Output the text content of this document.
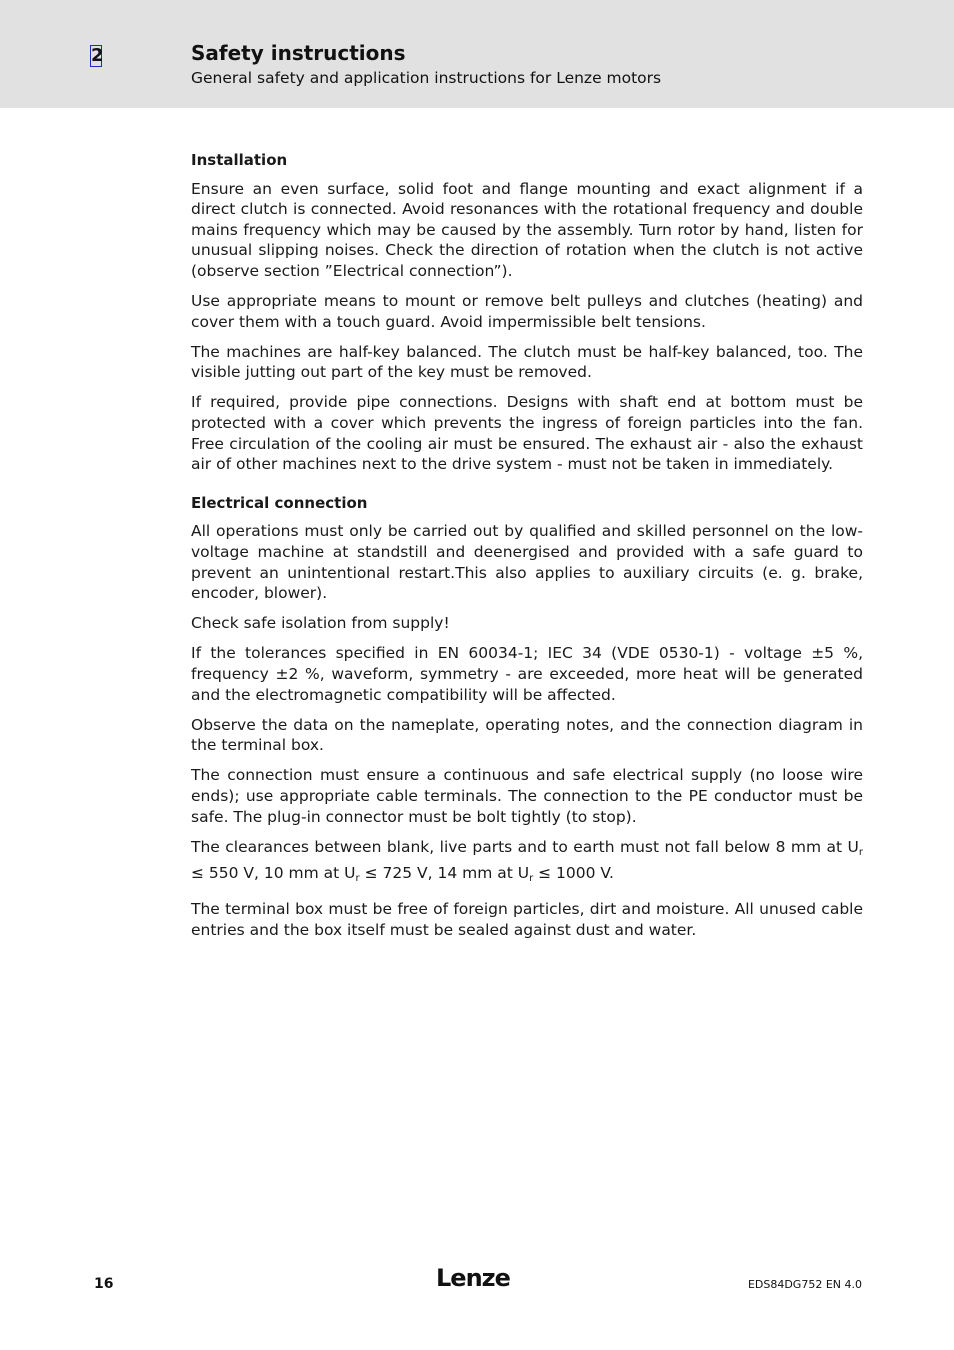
2	Safety instructions
General safety and application instructions for Lenze motors
Installation

Ensure an even surface, solid foot and flange mounting and exact alignment if a direct clutch is connected. Avoid resonances with the rotational frequency and double mains frequency which may be caused by the assembly. Turn rotor by hand, listen for unusual slipping noises. Check the direction of rotation when the clutch is not active (observe section ”Electrical connection”).

Use appropriate means to mount or remove belt pulleys and clutches (heating) and cover them with a touch guard. Avoid impermissible belt tensions.

The machines are half-key balanced. The clutch must be half-key balanced, too. The visible jutting out part of the key must be removed.

If required, provide pipe connections. Designs with shaft end at bottom must be protected with a cover which prevents the ingress of foreign particles into the fan. Free circulation of the cooling air must be ensured. The exhaust air - also the exhaust air of other machines next to the drive system - must not be taken in immediately.

Electrical connection

All operations must only be carried out by qualified and skilled personnel on the low-voltage machine at standstill and deenergised and provided with a safe guard to prevent an unintentional restart.This also applies to auxiliary circuits (e. g. brake, encoder, blower).

Check safe isolation from supply!

If the tolerances specified in EN 60034-1; IEC 34 (VDE 0530-1) - voltage ±5 %, frequency ±2 %, waveform, symmetry - are exceeded, more heat will be generated and the electromagnetic compatibility will be affected.

Observe the data on the nameplate, operating notes, and the connection diagram in the terminal box.

The connection must ensure a continuous and safe electrical supply (no loose wire ends); use appropriate cable terminals. The connection to the PE conductor must be safe. The plug-in connector must be bolt tightly (to stop).

The clearances between blank, live parts and to earth must not fall below 8 mm at $U_r \le 550$ V, 10 mm at $U_r \le 725$ V, 14 mm at $U_r \le 1000$ V.

The terminal box must be free of foreign particles, dirt and moisture. All unused cable entries and the box itself must be sealed against dust and water.

16	Lenze	EDS84DG752 EN 4.0
